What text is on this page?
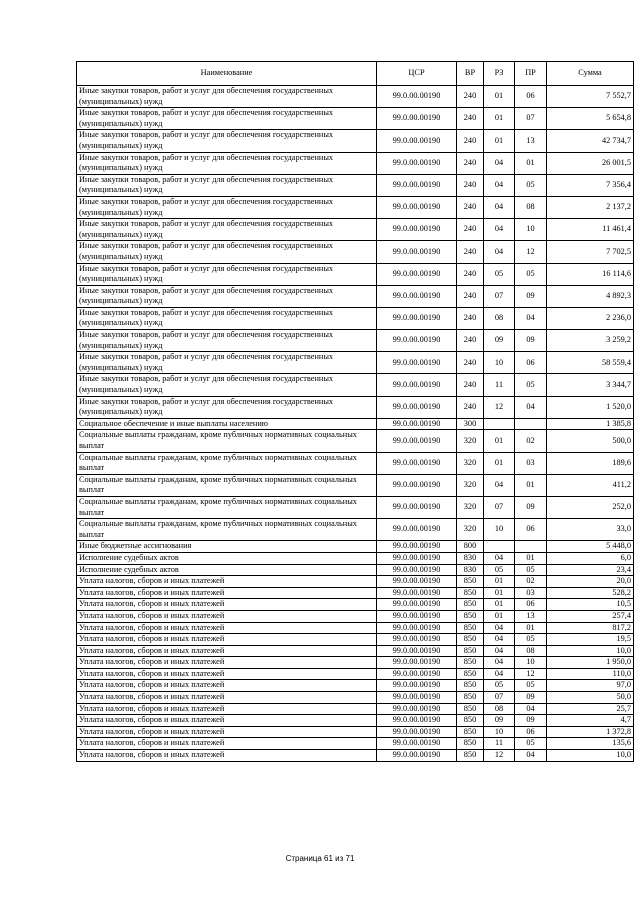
Наименование	ЦСР	ВР	РЗ	ПР	Сумма
Иные закупки товаров, работ и услуг для обеспечения государственных (муниципальных) нужд	99.0.00.00190	240	01	06	7 552,7
Иные закупки товаров, работ и услуг для обеспечения государственных (муниципальных) нужд	99.0.00.00190	240	01	07	5 654,8
Иные закупки товаров, работ и услуг для обеспечения государственных (муниципальных) нужд	99.0.00.00190	240	01	13	42 734,7
Иные закупки товаров, работ и услуг для обеспечения государственных (муниципальных) нужд	99.0.00.00190	240	04	01	26 001,5
Иные закупки товаров, работ и услуг для обеспечения государственных (муниципальных) нужд	99.0.00.00190	240	04	05	7 356,4
Иные закупки товаров, работ и услуг для обеспечения государственных (муниципальных) нужд	99.0.00.00190	240	04	08	2 137,2
Иные закупки товаров, работ и услуг для обеспечения государственных (муниципальных) нужд	99.0.00.00190	240	04	10	11 461,4
Иные закупки товаров, работ и услуг для обеспечения государственных (муниципальных) нужд	99.0.00.00190	240	04	12	7 702,5
Иные закупки товаров, работ и услуг для обеспечения государственных (муниципальных) нужд	99.0.00.00190	240	05	05	16 114,6
Иные закупки товаров, работ и услуг для обеспечения государственных (муниципальных) нужд	99.0.00.00190	240	07	09	4 892,3
Иные закупки товаров, работ и услуг для обеспечения государственных (муниципальных) нужд	99.0.00.00190	240	08	04	2 236,0
Иные закупки товаров, работ и услуг для обеспечения государственных (муниципальных) нужд	99.0.00.00190	240	09	09	3 259,2
Иные закупки товаров, работ и услуг для обеспечения государственных (муниципальных) нужд	99.0.00.00190	240	10	06	58 559,4
Иные закупки товаров, работ и услуг для обеспечения государственных (муниципальных) нужд	99.0.00.00190	240	11	05	3 344,7
Иные закупки товаров, работ и услуг для обеспечения государственных (муниципальных) нужд	99.0.00.00190	240	12	04	1 520,0
Социальное обеспечение и иные выплаты населению	99.0.00.00190	300			1 385,8
Социальные выплаты гражданам, кроме публичных нормативных социальных выплат	99.0.00.00190	320	01	02	500,0
Социальные выплаты гражданам, кроме публичных нормативных социальных выплат	99.0.00.00190	320	01	03	189,6
Социальные выплаты гражданам, кроме публичных нормативных социальных выплат	99.0.00.00190	320	04	01	411,2
Социальные выплаты гражданам, кроме публичных нормативных социальных выплат	99.0.00.00190	320	07	09	252,0
Социальные выплаты гражданам, кроме публичных нормативных социальных выплат	99.0.00.00190	320	10	06	33,0
Иные бюджетные ассигнования	99.0.00.00190	800			5 448,0
Исполнение судебных актов	99.0.00.00190	830	04	01	6,0
Исполнение судебных актов	99.0.00.00190	830	05	05	23,4
Уплата налогов, сборов и иных платежей	99.0.00.00190	850	01	02	20,0
Уплата налогов, сборов и иных платежей	99.0.00.00190	850	01	03	528,2
Уплата налогов, сборов и иных платежей	99.0.00.00190	850	01	06	10,5
Уплата налогов, сборов и иных платежей	99.0.00.00190	850	01	13	257,4
Уплата налогов, сборов и иных платежей	99.0.00.00190	850	04	01	817,2
Уплата налогов, сборов и иных платежей	99.0.00.00190	850	04	05	19,5
Уплата налогов, сборов и иных платежей	99.0.00.00190	850	04	08	10,0
Уплата налогов, сборов и иных платежей	99.0.00.00190	850	04	10	1 950,0
Уплата налогов, сборов и иных платежей	99.0.00.00190	850	04	12	110,0
Уплата налогов, сборов и иных платежей	99.0.00.00190	850	05	05	97,0
Уплата налогов, сборов и иных платежей	99.0.00.00190	850	07	09	50,0
Уплата налогов, сборов и иных платежей	99.0.00.00190	850	08	04	25,7
Уплата налогов, сборов и иных платежей	99.0.00.00190	850	09	09	4,7
Уплата налогов, сборов и иных платежей	99.0.00.00190	850	10	06	1 372,8
Уплата налогов, сборов и иных платежей	99.0.00.00190	850	11	05	135,6
Уплата налогов, сборов и иных платежей	99.0.00.00190	850	12	04	10,0
Страница 61 из 71
